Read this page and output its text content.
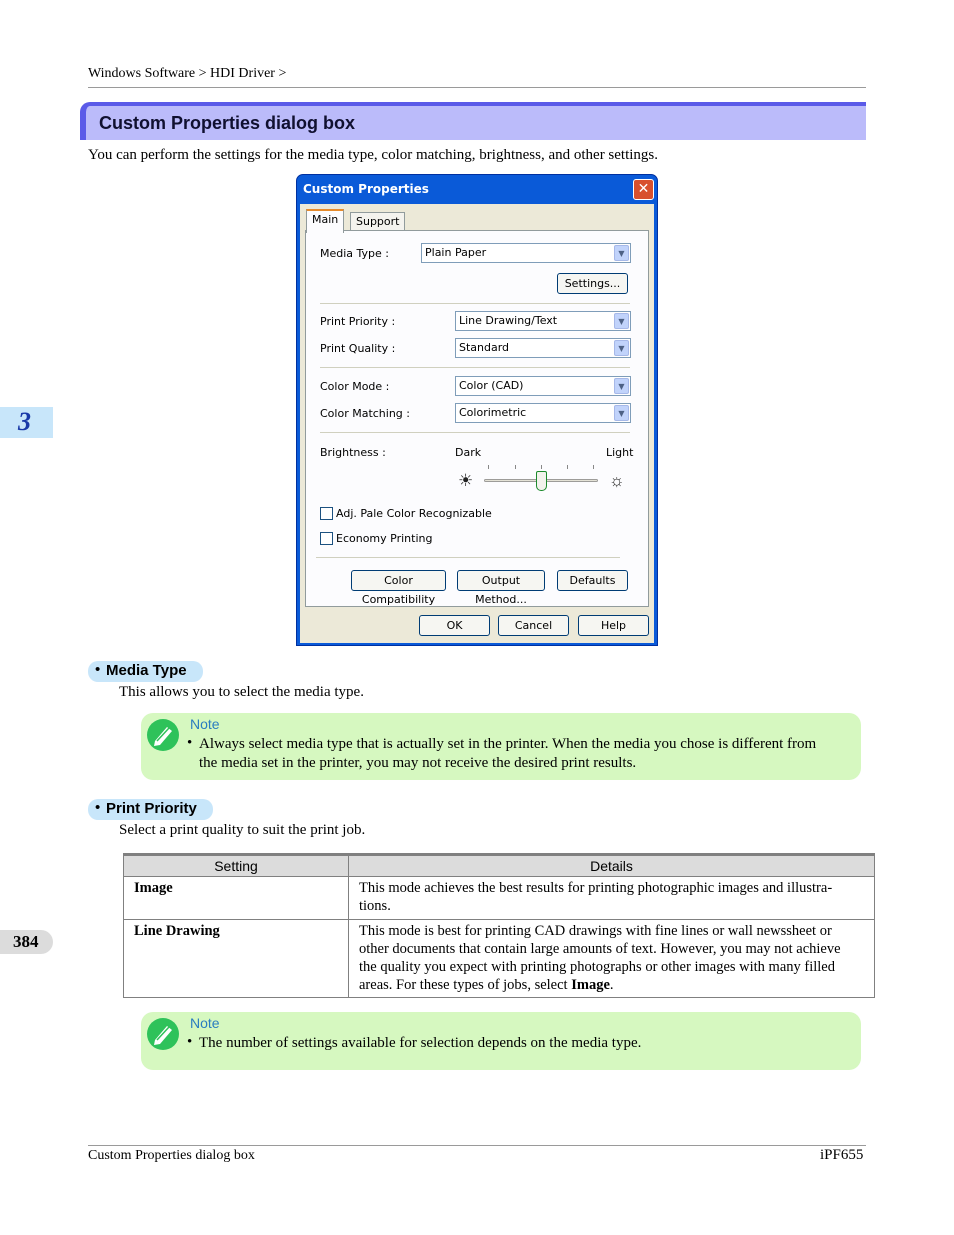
Windows Software > HDI Driver >
Custom Properties dialog box
You can perform the settings for the media type, color matching, brightness, and other settings.
3
Custom Properties	✕
Main	Support
Media Type :	Plain Paper	▼
Settings...
Print Priority :	Line Drawing/Text	▼
Print Quality :	Standard	▼
Color Mode :	Color (CAD)	▼
Color Matching :	Colorimetric	▼
Brightness :	Dark	Light
☀	☼
Adj. Pale Color Recognizable
Economy Printing
Color Compatibility
Output Method...
Defaults
OK	Cancel	Help
• Media Type
This allows you to select the media type.
Note
• Always select media type that is actually set in the printer. When the media you chose is different from
the media set in the printer, you may not receive the desired print results.
• Print Priority
Select a print quality to suit the print job.
Setting	Details
Image	This mode achieves the best results for printing photographic images and illustra-
tions.

Line Drawing	This mode is best for printing CAD drawings with fine lines or wall newssheet or
other documents that contain large amounts of text. However, you may not achieve
the quality you expect with printing photographs or other images with many filled
areas. For these types of jobs, select Image.
384
Note
• The number of settings available for selection depends on the media type.
Custom Properties dialog box	iPF655
